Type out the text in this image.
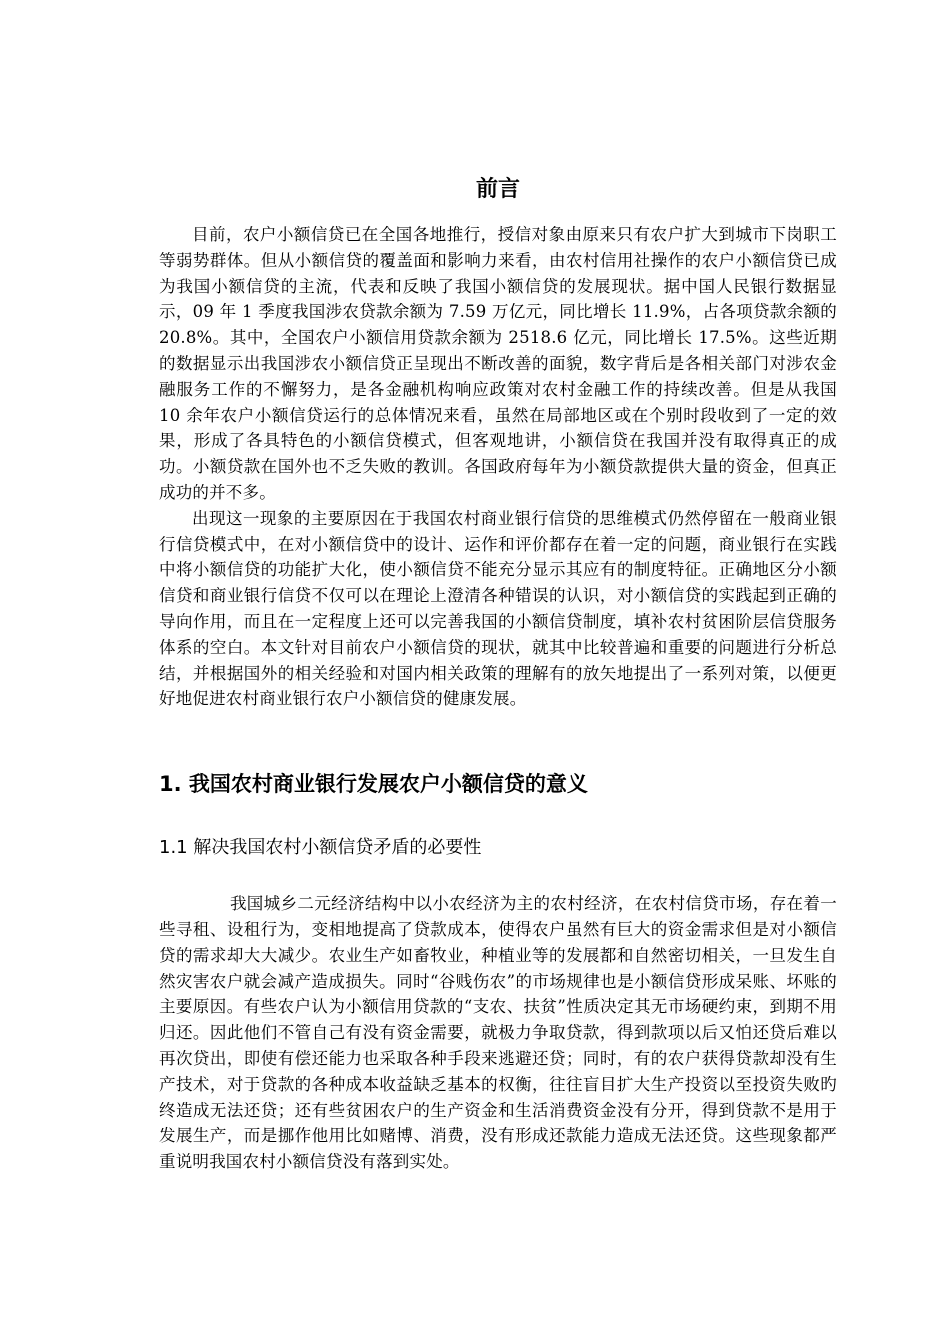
前言

目前，农户小额信贷已在全国各地推行，授信对象由原来只有农户扩大到城市下岗职工等弱势群体。但从小额信贷的覆盖面和影响力来看，由农村信用社操作的农户小额信贷已成为我国小额信贷的主流，代表和反映了我国小额信贷的发展现状。据中国人民银行数据显示，09 年 1 季度我国涉农贷款余额为 7.59 万亿元，同比增长 11.9%，占各项贷款余额的 20.8%。其中，全国农户小额信用贷款余额为 2518.6 亿元，同比增长 17.5%。这些近期的数据显示出我国涉农小额信贷正呈现出不断改善的面貌，数字背后是各相关部门对涉农金融服务工作的不懈努力，是各金融机构响应政策对农村金融工作的持续改善。但是从我国 10 余年农户小额信贷运行的总体情况来看，虽然在局部地区或在个别时段收到了一定的效果，形成了各具特色的小额信贷模式，但客观地讲，小额信贷在我国并没有取得真正的成功。小额贷款在国外也不乏失败的教训。各国政府每年为小额贷款提供大量的资金，但真正成功的并不多。

出现这一现象的主要原因在于我国农村商业银行信贷的思维模式仍然停留在一般商业银行信贷模式中，在对小额信贷中的设计、运作和评价都存在着一定的问题，商业银行在实践中将小额信贷的功能扩大化，使小额信贷不能充分显示其应有的制度特征。正确地区分小额信贷和商业银行信贷不仅可以在理论上澄清各种错误的认识，对小额信贷的实践起到正确的导向作用，而且在一定程度上还可以完善我国的小额信贷制度，填补农村贫困阶层信贷服务体系的空白。本文针对目前农户小额信贷的现状，就其中比较普遍和重要的问题进行分析总结，并根据国外的相关经验和对国内相关政策的理解有的放矢地提出了一系列对策，以便更好地促进农村商业银行农户小额信贷的健康发展。

1. 我国农村商业银行发展农户小额信贷的意义
1.1 解决我国农村小额信贷矛盾的必要性

我国城乡二元经济结构中以小农经济为主的农村经济，在农村信贷市场，存在着一些寻租、设租行为，变相地提高了贷款成本，使得农户虽然有巨大的资金需求但是对小额信贷的需求却大大减少。农业生产如畜牧业，种植业等的发展都和自然密切相关，一旦发生自然灾害农户就会减产造成损失。同时“谷贱伤农”的市场规律也是小额信贷形成呆账、坏账的主要原因。有些农户认为小额信用贷款的“支农、扶贫”性质决定其无市场硬约束，到期不用归还。因此他们不管自己有没有资金需要，就极力争取贷款，得到款项以后又怕还贷后难以再次贷出，即使有偿还能力也采取各种手段来逃避还贷；同时，有的农户获得贷款却没有生产技术，对于贷款的各种成本收益缺乏基本的权衡，往往盲目扩大生产投资以至投资失败旳终造成无法还贷；还有些贫困农户的生产资金和生活消费资金没有分开，得到贷款不是用于发展生产，而是挪作他用比如赌博、消费，没有形成还款能力造成无法还贷。这些现象都严重说明我国农村小额信贷没有落到实处。
